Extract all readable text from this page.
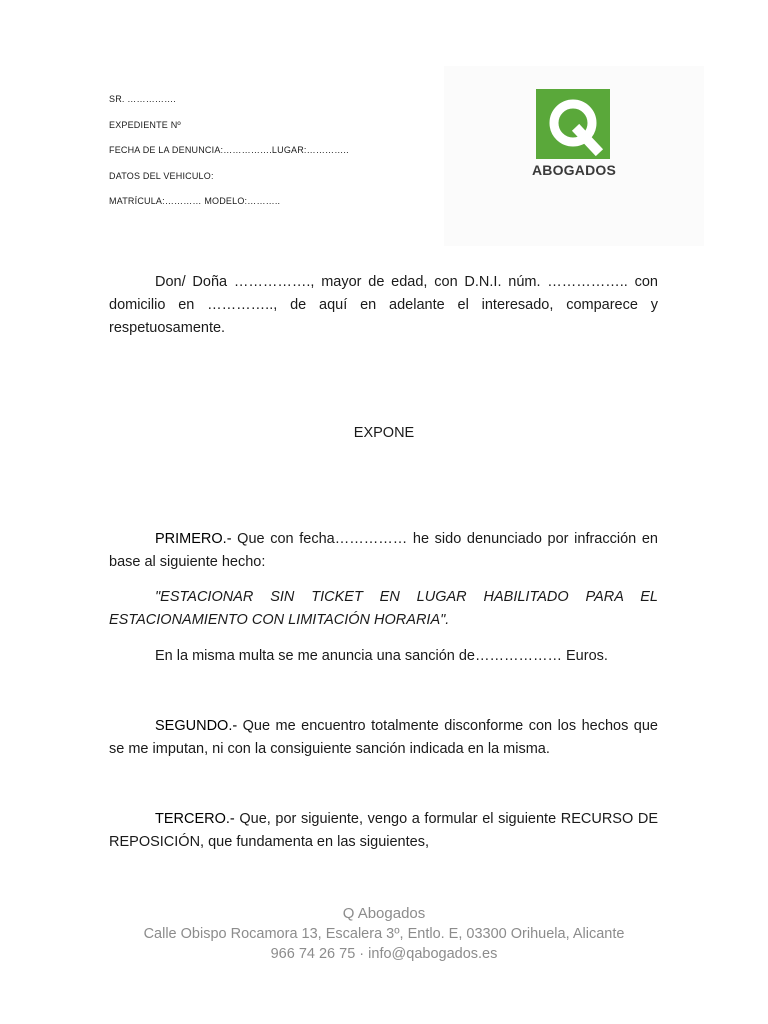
SR. …………….
EXPEDIENTE Nº
FECHA DE LA DENUNCIA:…………….LUGAR:…………..
DATOS DEL VEHICULO:
MATRÍCULA:………… MODELO:………..
ABOGADOS

Don/ Doña ……………., mayor de edad, con D.N.I. núm. …………….. con domicilio en ………….., de aquí en adelante el interesado, comparece y respetuosamente.

EXPONE

PRIMERO.- Que con fecha…………… he sido denunciado por infracción en base al siguiente hecho:

"ESTACIONAR SIN TICKET EN LUGAR HABILITADO PARA EL ESTACIONAMIENTO CON LIMITACIÓN HORARIA".

En la misma multa se me anuncia una sanción de……………… Euros.

SEGUNDO.- Que me encuentro totalmente disconforme con los hechos que se me imputan, ni con la consiguiente sanción indicada en la misma.

TERCERO.- Que, por siguiente, vengo a formular el siguiente RECURSO DE REPOSICIÓN, que fundamenta en las siguientes,

Q Abogados
Calle Obispo Rocamora 13, Escalera 3º, Entlo. E, 03300 Orihuela, Alicante
966 74 26 75 · info@qabogados.es
